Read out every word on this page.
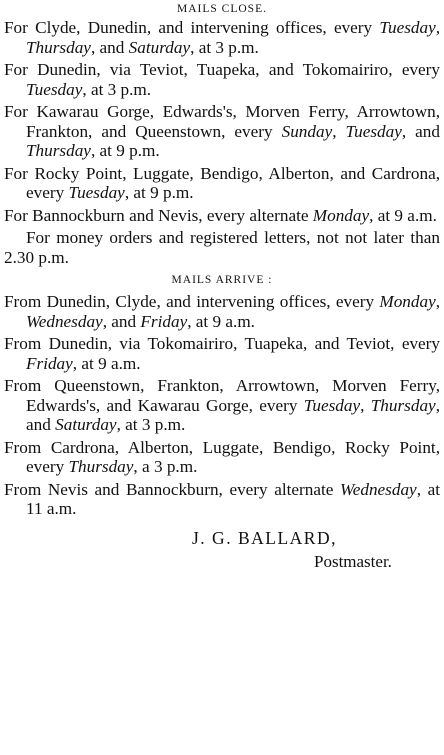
MAILS CLOSE.

For Clyde, Dunedin, and intervening offices, every Tuesday, Thursday, and Saturday, at 3 p.m.

For Dunedin, via Teviot, Tuapeka, and Tokomairiro, every Tuesday, at 3 p.m.

For Kawarau Gorge, Edwards's, Morven Ferry, Arrowtown, Frankton, and Queenstown, every Sunday, Tuesday, and Thursday, at 9 p.m.

For Rocky Point, Luggate, Bendigo, Alberton, and Cardrona, every Tuesday, at 9 p.m.

For Bannockburn and Nevis, every alternate Monday, at 9 a.m.

For money orders and registered letters, not not later than 2.30 p.m.

MAILS ARRIVE :

From Dunedin, Clyde, and intervening offices, every Monday, Wednesday, and Friday, at 9 a.m.

From Dunedin, via Tokomairiro, Tuapeka, and Teviot, every Friday, at 9 a.m.

From Queenstown, Frankton, Arrowtown, Morven Ferry, Edwards's, and Kawarau Gorge, every Tuesday, Thursday, and Saturday, at 3 p.m.

From Cardrona, Alberton, Luggate, Bendigo, Rocky Point, every Thursday, a 3 p.m.

From Nevis and Bannockburn, every alternate Wednesday, at 11 a.m.

J. G. BALLARD,
Postmaster.
